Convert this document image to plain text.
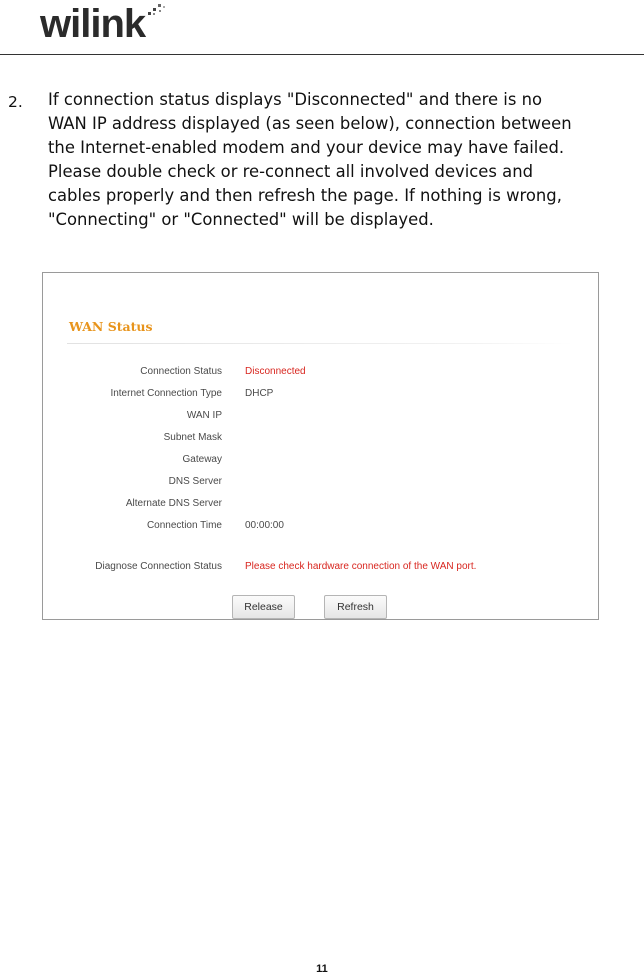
wilink
2. If connection status displays "Disconnected" and there is no
WAN IP address displayed (as seen below), connection between
the Internet-enabled modem and your device may have failed.
Please double check or re-connect all involved devices and
cables properly and then refresh the page. If nothing is wrong,
"Connecting" or "Connected" will be displayed.

WAN Status
Connection Status Disconnected
Internet Connection Type DHCP
WAN IP
Subnet Mask
Gateway
DNS Server
Alternate DNS Server
Connection Time 00:00:00
Diagnose Connection Status Please check hardware connection of the WAN port.
Release	Refresh
11
